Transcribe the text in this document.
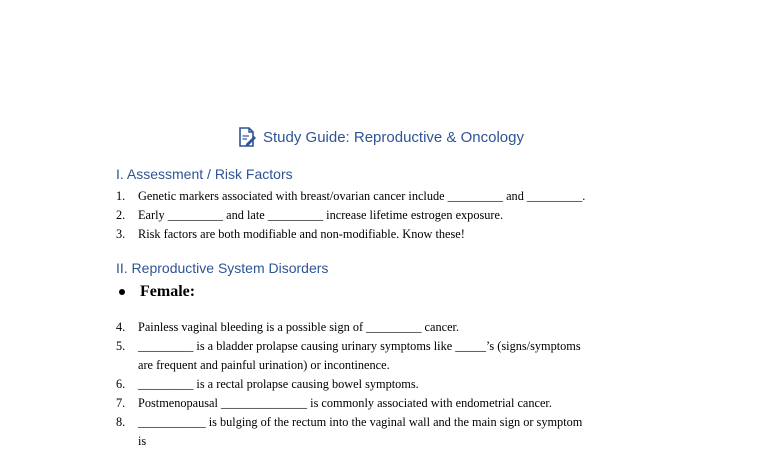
Study Guide: Reproductive & Oncology
I. Assessment / Risk Factors
1.	Genetic markers associated with breast/ovarian cancer include _________ and _________.
2.	Early _________ and late _________ increase lifetime estrogen exposure.
3.	Risk factors are both modifiable and non-modifiable. Know these!
II. Reproductive System Disorders
Female:
4.	Painless vaginal bleeding is a possible sign of _________ cancer.
5.	_________ is a bladder prolapse causing urinary symptoms like _____’s (signs/symptoms
are frequent and painful urination) or incontinence.
6.	_________ is a rectal prolapse causing bowel symptoms.
7.	Postmenopausal ______________ is commonly associated with endometrial cancer.
8.	___________ is bulging of the rectum into the vaginal wall and the main sign or symptom
is
